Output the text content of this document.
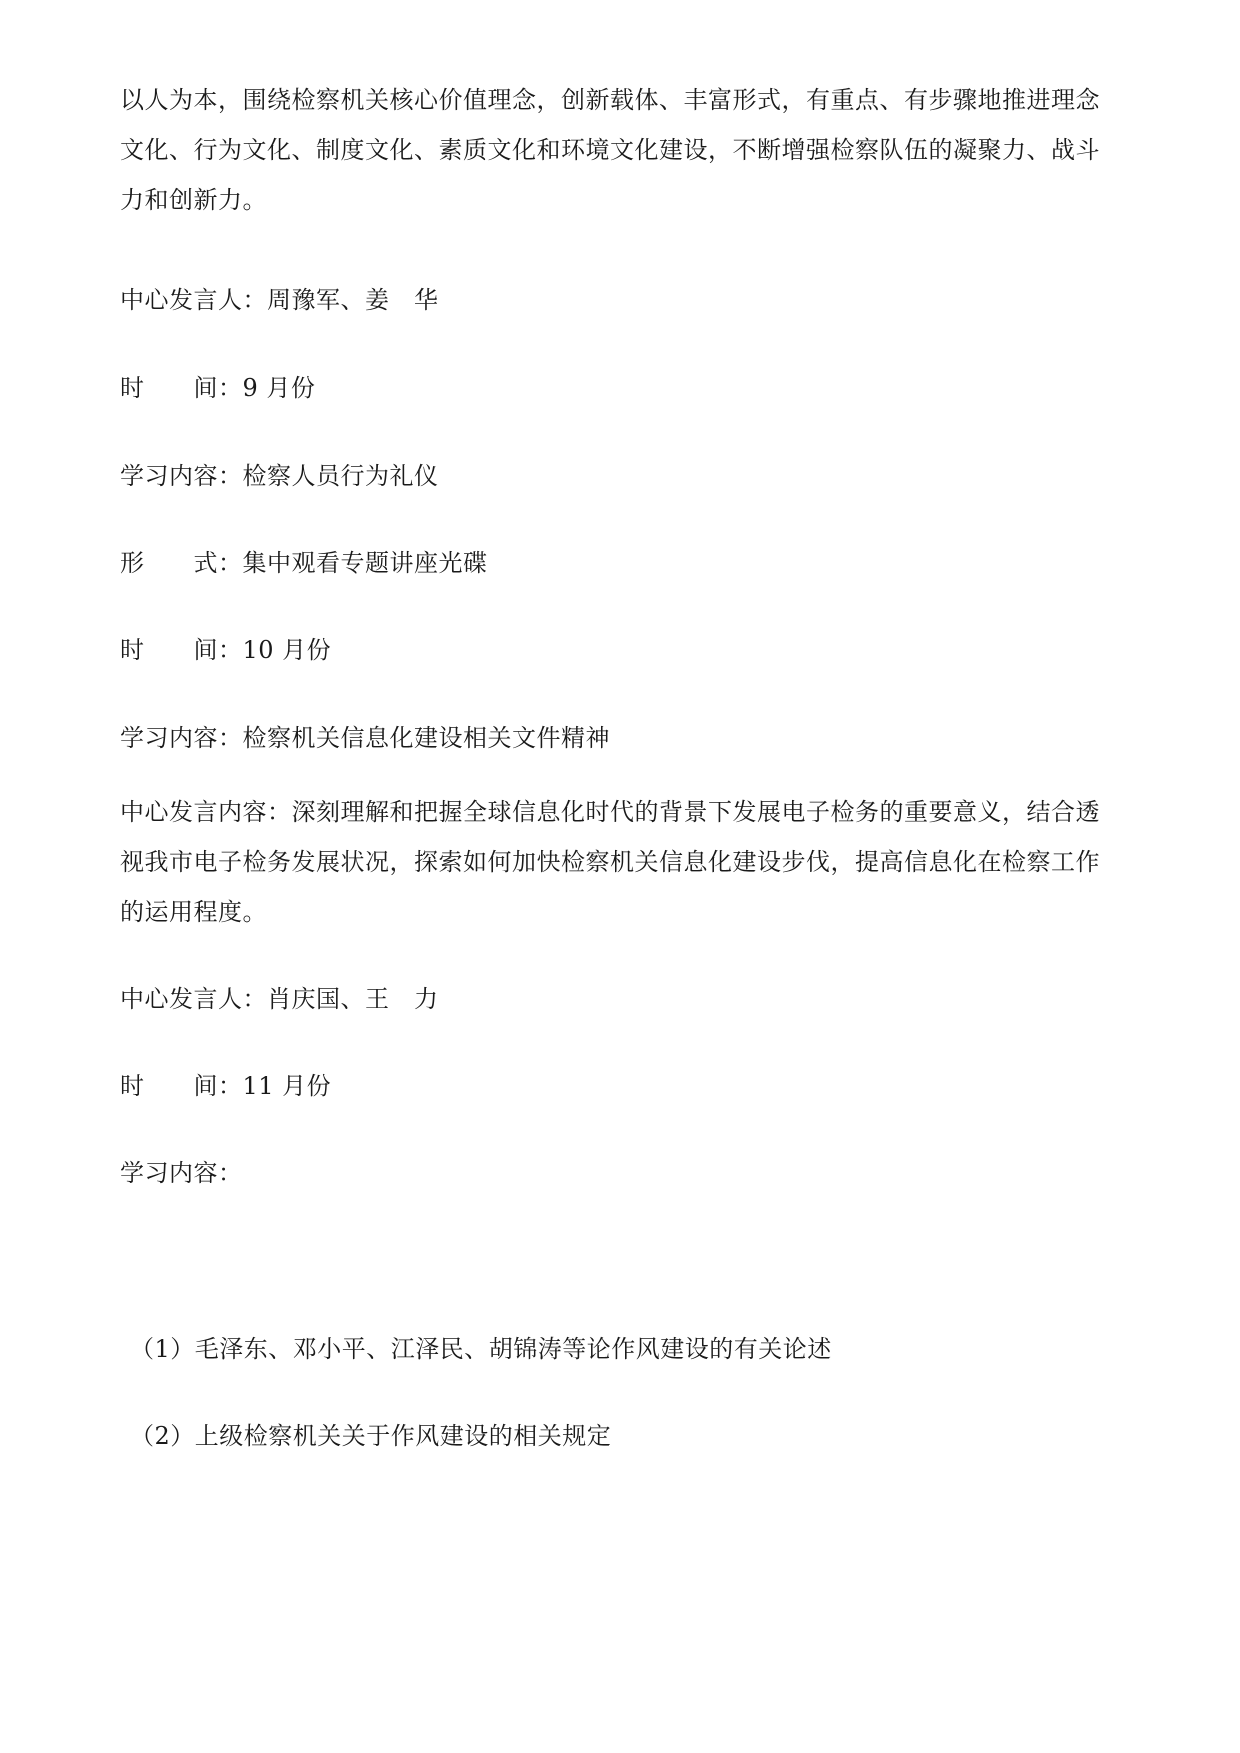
以人为本，围绕检察机关核心价值理念，创新载体、丰富形式，有重点、有步骤地推进理念
文化、行为文化、制度文化、素质文化和环境文化建设，不断增强检察队伍的凝聚力、战斗
力和创新力。
中心发言人：周豫军、姜　华
时　　间：9 月份
学习内容：检察人员行为礼仪
形　　式：集中观看专题讲座光碟
时　　间：10 月份
学习内容：检察机关信息化建设相关文件精神
中心发言内容：深刻理解和把握全球信息化时代的背景下发展电子检务的重要意义，结合透
视我市电子检务发展状况，探索如何加快检察机关信息化建设步伐，提高信息化在检察工作
的运用程度。
中心发言人：肖庆国、王　力
时　　间：11 月份
学习内容：
（1）毛泽东、邓小平、江泽民、胡锦涛等论作风建设的有关论述
（2）上级检察机关关于作风建设的相关规定
